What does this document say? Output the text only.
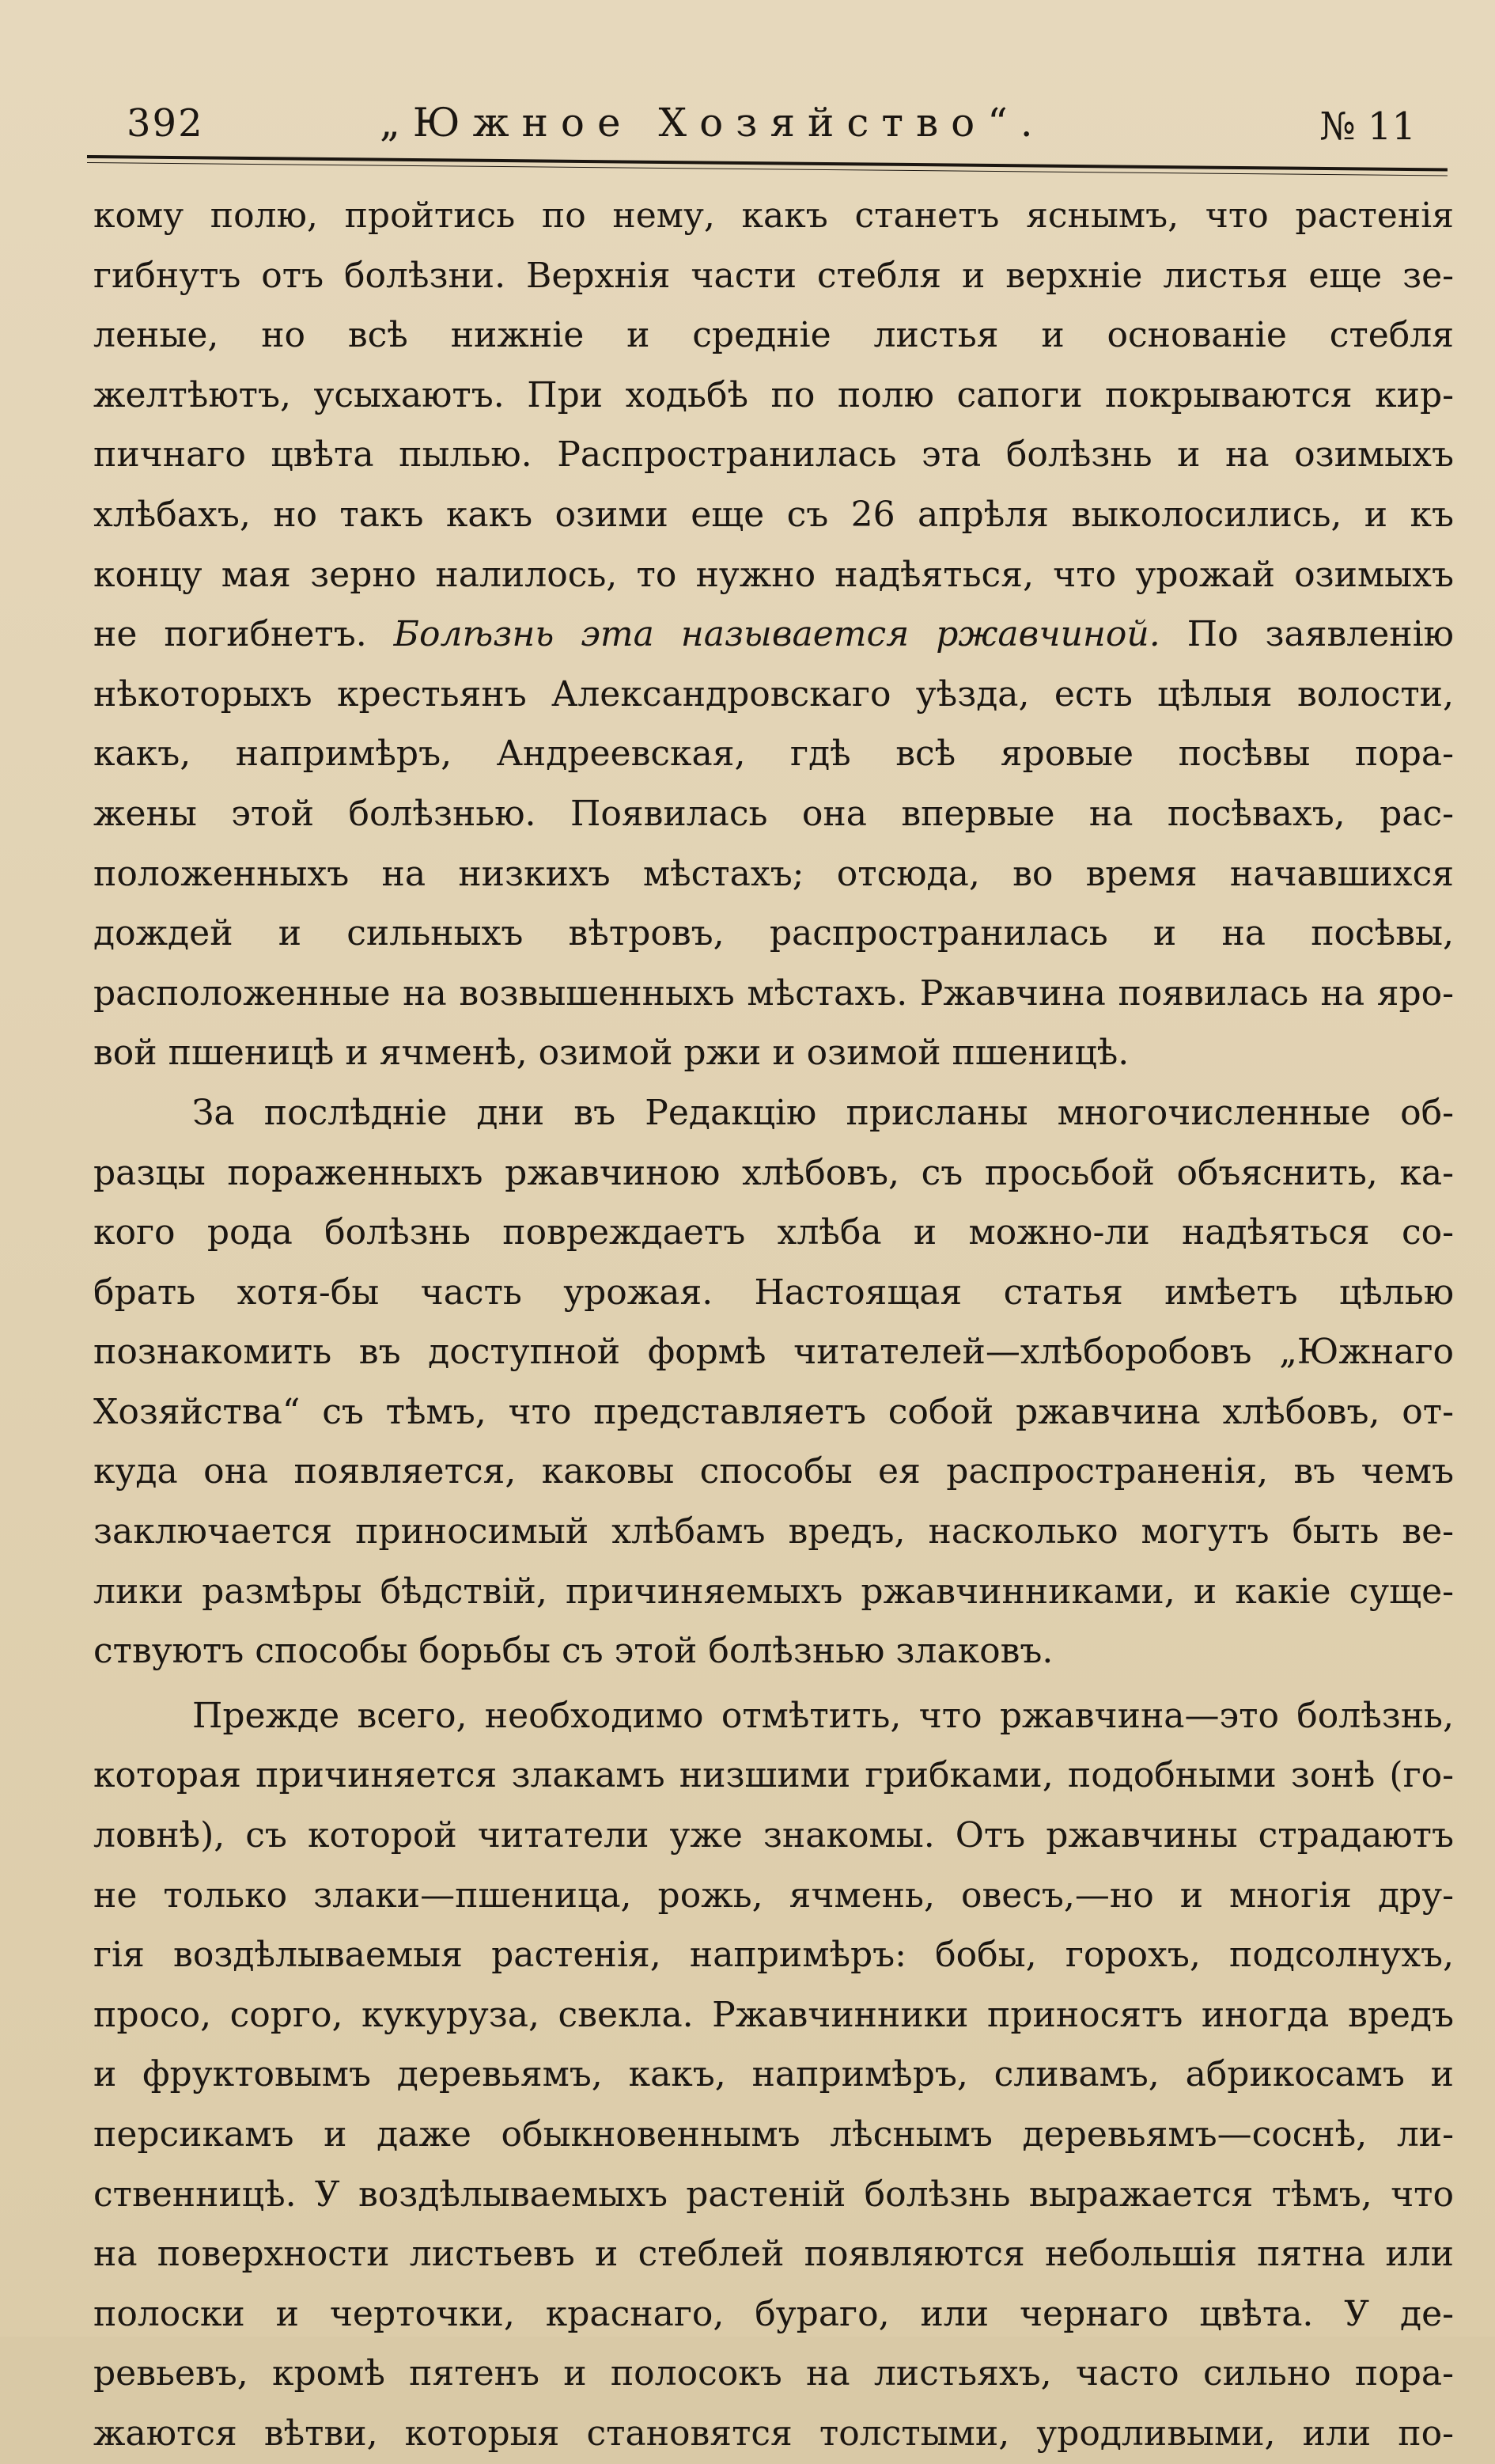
392	„Южное Хозяйство“.	№ 11
кому полю, пройтись по нему, какъ станетъ яснымъ, что растенія
гибнутъ отъ болѣзни. Верхнія части стебля и верхніе листья еще зе-
леные, но всѣ нижніе и средніе листья и основаніе стебля
желтѣютъ, усыхаютъ. При ходьбѣ по полю сапоги покрываются кир-
пичнаго цвѣта пылью. Распространилась эта болѣзнь и на озимыхъ
хлѣбахъ, но такъ какъ озими еще съ 26 апрѣля выколосились, и къ
концу мая зерно налилось, то нужно надѣяться, что урожай озимыхъ
не погибнетъ. Болѣзнь эта называется ржавчиной. По заявленію
нѣкоторыхъ крестьянъ Александровскаго уѣзда, есть цѣлыя волости,
какъ, напримѣръ, Андреевская, гдѣ всѣ яровые посѣвы пора-
жены этой болѣзнью. Появилась она впервые на посѣвахъ, рас-
положенныхъ на низкихъ мѣстахъ; отсюда, во время начавшихся
дождей и сильныхъ вѣтровъ, распространилась и на посѣвы,
расположенные на возвышенныхъ мѣстахъ. Ржавчина появилась на яро-
вой пшеницѣ и ячменѣ, озимой ржи и озимой пшеницѣ.
За послѣдніе дни въ Редакцію присланы многочисленные об-
разцы пораженныхъ ржавчиною хлѣбовъ, съ просьбой объяснить, ка-
кого рода болѣзнь повреждаетъ хлѣба и можно-ли надѣяться со-
брать хотя-бы часть урожая. Настоящая статья имѣетъ цѣлью
познакомить въ доступной формѣ читателей—хлѣборобовъ „Южнаго
Хозяйства“ съ тѣмъ, что представляетъ собой ржавчина хлѣбовъ, от-
куда она появляется, каковы способы ея распространенія, въ чемъ
заключается приносимый хлѣбамъ вредъ, насколько могутъ быть ве-
лики размѣры бѣдствій, причиняемыхъ ржавчинниками, и какіе суще-
ствуютъ способы борьбы съ этой болѣзнью злаковъ.
Прежде всего, необходимо отмѣтить, что ржавчина—это болѣзнь,
которая причиняется злакамъ низшими грибками, подобными зонѣ (го-
ловнѣ), съ которой читатели уже знакомы. Отъ ржавчины страдаютъ
не только злаки—пшеница, рожь, ячмень, овесъ,—но и многія дру-
гія воздѣлываемыя растенія, напримѣръ: бобы, горохъ, подсолнухъ,
просо, сорго, кукуруза, свекла. Ржавчинники приносятъ иногда вредъ
и фруктовымъ деревьямъ, какъ, напримѣръ, сливамъ, абрикосамъ и
персикамъ и даже обыкновеннымъ лѣснымъ деревьямъ—соснѣ, ли-
ственницѣ. У воздѣлываемыхъ растеній болѣзнь выражается тѣмъ, что
на поверхности листьевъ и стеблей появляются небольшія пятна или
полоски и черточки, краснаго, бураго, или чернаго цвѣта. У де-
ревьевъ, кромѣ пятенъ и полосокъ на листьяхъ, часто сильно пора-
жаются вѣтви, которыя становятся толстыми, уродливыми, или по-
